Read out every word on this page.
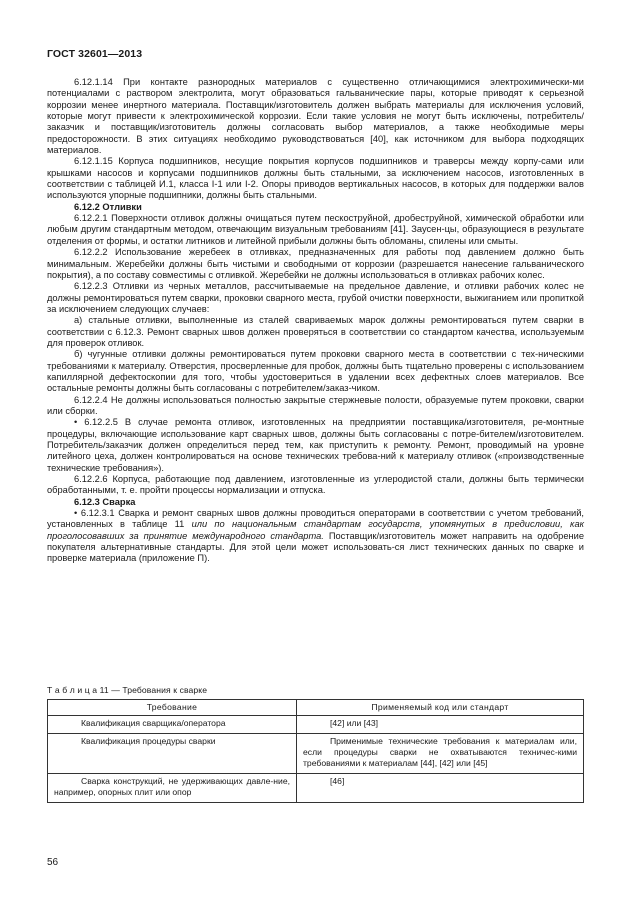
ГОСТ 32601—2013

6.12.1.14 При контакте разнородных материалов с существенно отличающимися электрохимически-ми потенциалами с раствором электролита, могут образоваться гальванические пары, которые приводят к серьезной коррозии менее инертного материала. Поставщик/изготовитель должен выбрать материалы для исключения условий, которые могут привести к электрохимической коррозии. Если такие условия не могут быть исключены, потребитель/заказчик и поставщик/изготовитель должны согласовать выбор материалов, а также необходимые меры предосторожности. В этих ситуациях необходимо руководствоваться [40], как источником для выбора подходящих материалов.

6.12.1.15 Корпуса подшипников, несущие покрытия корпусов подшипников и траверсы между корпу-сами или крышками насосов и корпусами подшипников должны быть стальными, за исключением насосов, изготовленных в соответствии с таблицей И.1, класса I-1 или I-2. Опоры приводов вертикальных насосов, в которых для поддержки валов используются упорные подшипники, должны быть стальными.

6.12.2 Отливки

6.12.2.1 Поверхности отливок должны очищаться путем пескоструйной, дробеструйной, химической обработки или любым другим стандартным методом, отвечающим визуальным требованиям [41]. Заусен-цы, образующиеся в результате отделения от формы, и остатки литников и литейной прибыли должны быть обломаны, спилены или смыты.

6.12.2.2 Использование жеребеек в отливках, предназначенных для работы под давлением должно быть минимальным. Жеребейки должны быть чистыми и свободными от коррозии (разрешается нанесение гальванического покрытия), а по составу совместимы с отливкой. Жеребейки не должны использоваться в отливках рабочих колес.

6.12.2.3 Отливки из черных металлов, рассчитываемые на предельное давление, и отливки рабочих колес не должны ремонтироваться путем сварки, проковки сварного места, грубой очистки поверхности, выжиганием или пропиткой за исключением следующих случаев:

а) стальные отливки, выполненные из сталей свариваемых марок должны ремонтироваться путем сварки в соответствии с 6.12.3. Ремонт сварных швов должен проверяться в соответствии со стандартом качества, используемым для проверок отливок.

б) чугунные отливки должны ремонтироваться путем проковки сварного места в соответствии с тех-ническими требованиями к материалу. Отверстия, просверленные для пробок, должны быть тщательно проверены с использованием капиллярной дефектоскопии для того, чтобы удостовериться в удалении всех дефектных слоев материалов. Все остальные ремонты должны быть согласованы с потребителем/заказ-чиком.

6.12.2.4 Не должны использоваться полностью закрытые стержневые полости, образуемые путем проковки, сварки или сборки.

• 6.12.2.5 В случае ремонта отливок, изготовленных на предприятии поставщика/изготовителя, ре-монтные процедуры, включающие использование карт сварных швов, должны быть согласованы с потре-бителем/изготовителем. Потребитель/заказчик должен определиться перед тем, как приступить к ремонту. Ремонт, проводимый на уровне литейного цеха, должен контролироваться на основе технических требова-ний к материалу отливок («производственные технические требования»).

6.12.2.6 Корпуса, работающие под давлением, изготовленные из углеродистой стали, должны быть термически обработанными, т. е. пройти процессы нормализации и отпуска.

6.12.3 Сварка

• 6.12.3.1 Сварка и ремонт сварных швов должны проводиться операторами в соответствии с учетом требований, установленных в таблице 11 или по национальным стандартам государств, упомянутых в предисловии, как проголосовавших за принятие международного стандарта. Поставщик/изготовитель может направить на одобрение покупателя альтернативные стандарты. Для этой цели может использовать-ся лист технических данных по сварке и проверке материала (приложение П).

Т а б л и ц а 11 — Требования к сварке
Требование	Применяемый код или стандарт

Квалификация сварщика/оператора	[42] или [43]

Квалификация процедуры сварки	Применимые технические требования к материалам или, если процедуры сварки не охватываются техничес-кими требованиями к материалам [44], [42] или [45]

Сварка конструкций, не удерживающих давле-ние, например, опорных плит или опор	[46]
56
